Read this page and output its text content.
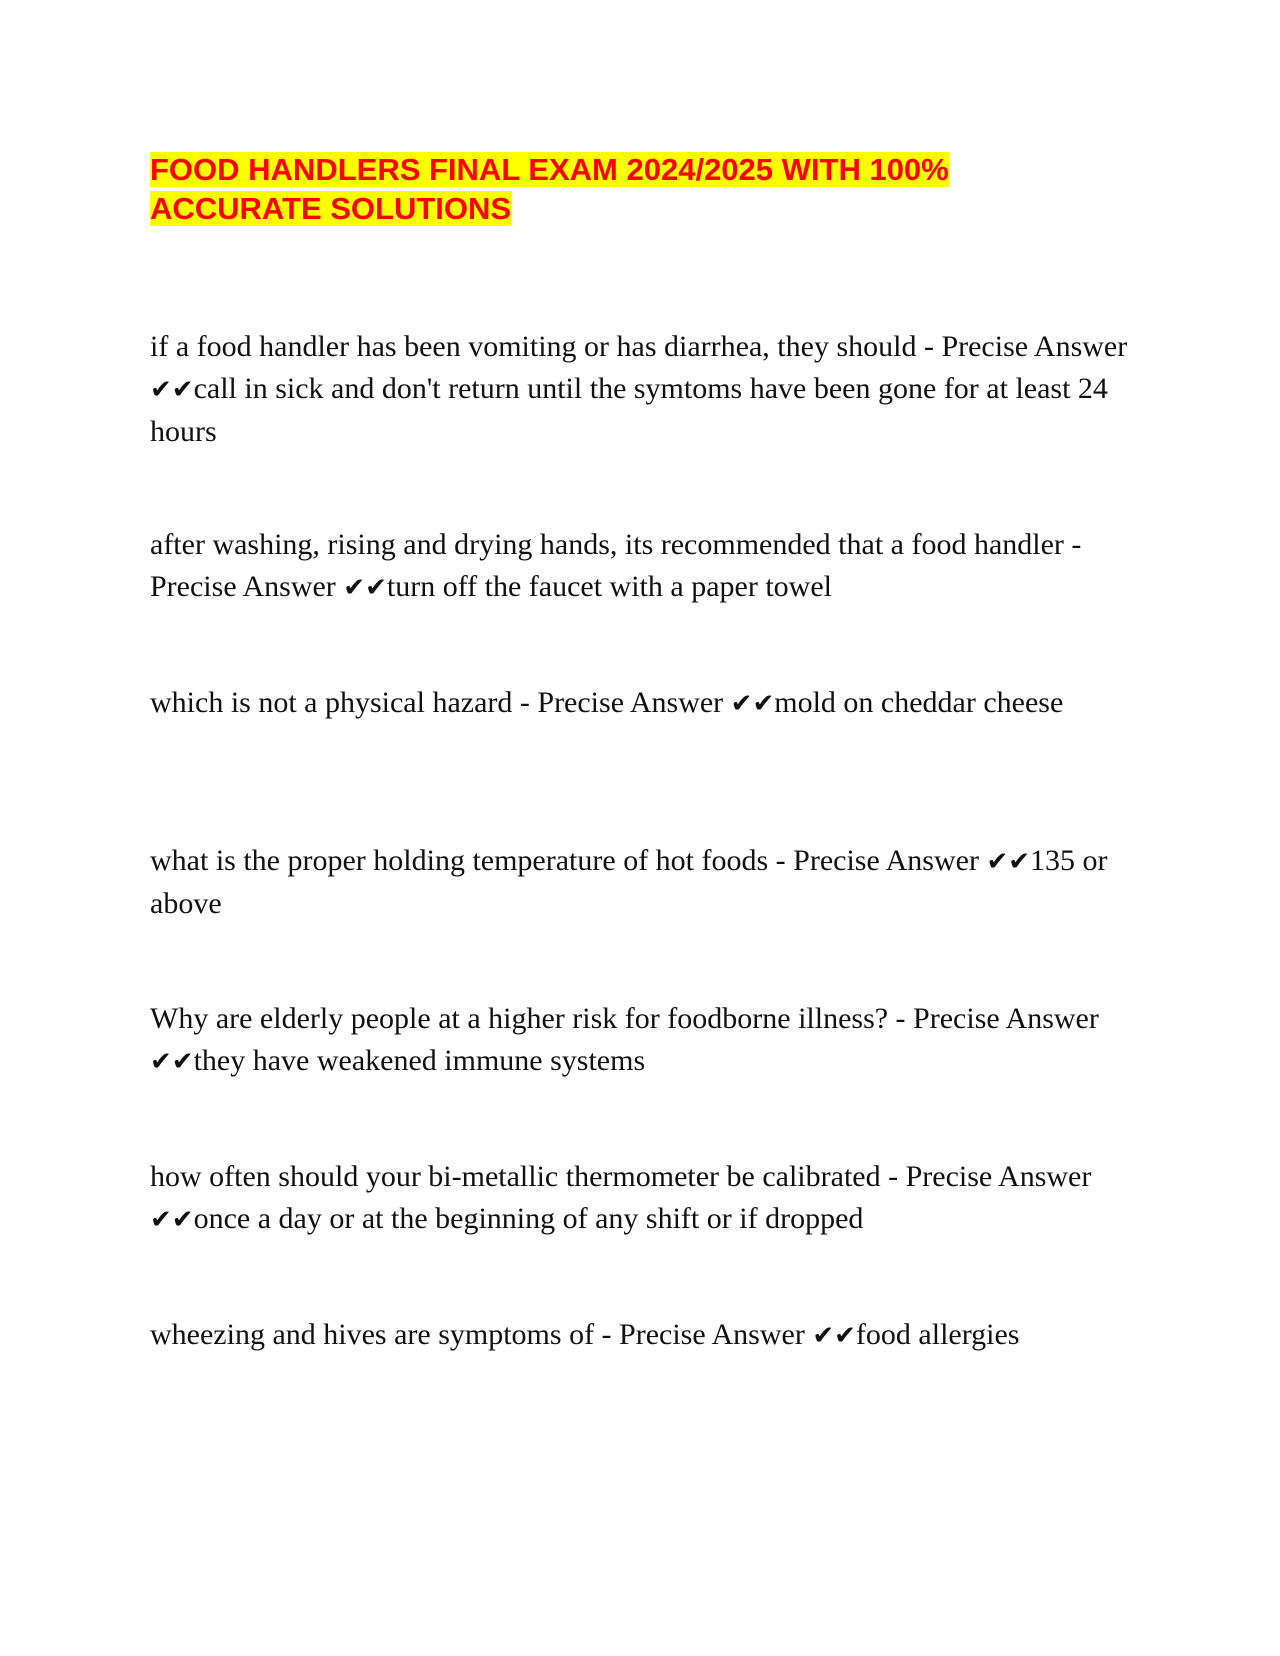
FOOD HANDLERS FINAL EXAM 2024/2025 WITH 100%
ACCURATE SOLUTIONS

if a food handler has been vomiting or has diarrhea, they should - Precise Answer ✔✔call in sick and don't return until the symtoms have been gone for at least 24 hours

after washing, rising and drying hands, its recommended that a food handler - Precise Answer ✔✔turn off the faucet with a paper towel

which is not a physical hazard - Precise Answer ✔✔mold on cheddar cheese

what is the proper holding temperature of hot foods - Precise Answer ✔✔135 or above

Why are elderly people at a higher risk for foodborne illness? - Precise Answer ✔✔they have weakened immune systems

how often should your bi-metallic thermometer be calibrated - Precise Answer ✔✔once a day or at the beginning of any shift or if dropped

wheezing and hives are symptoms of - Precise Answer ✔✔food allergies
